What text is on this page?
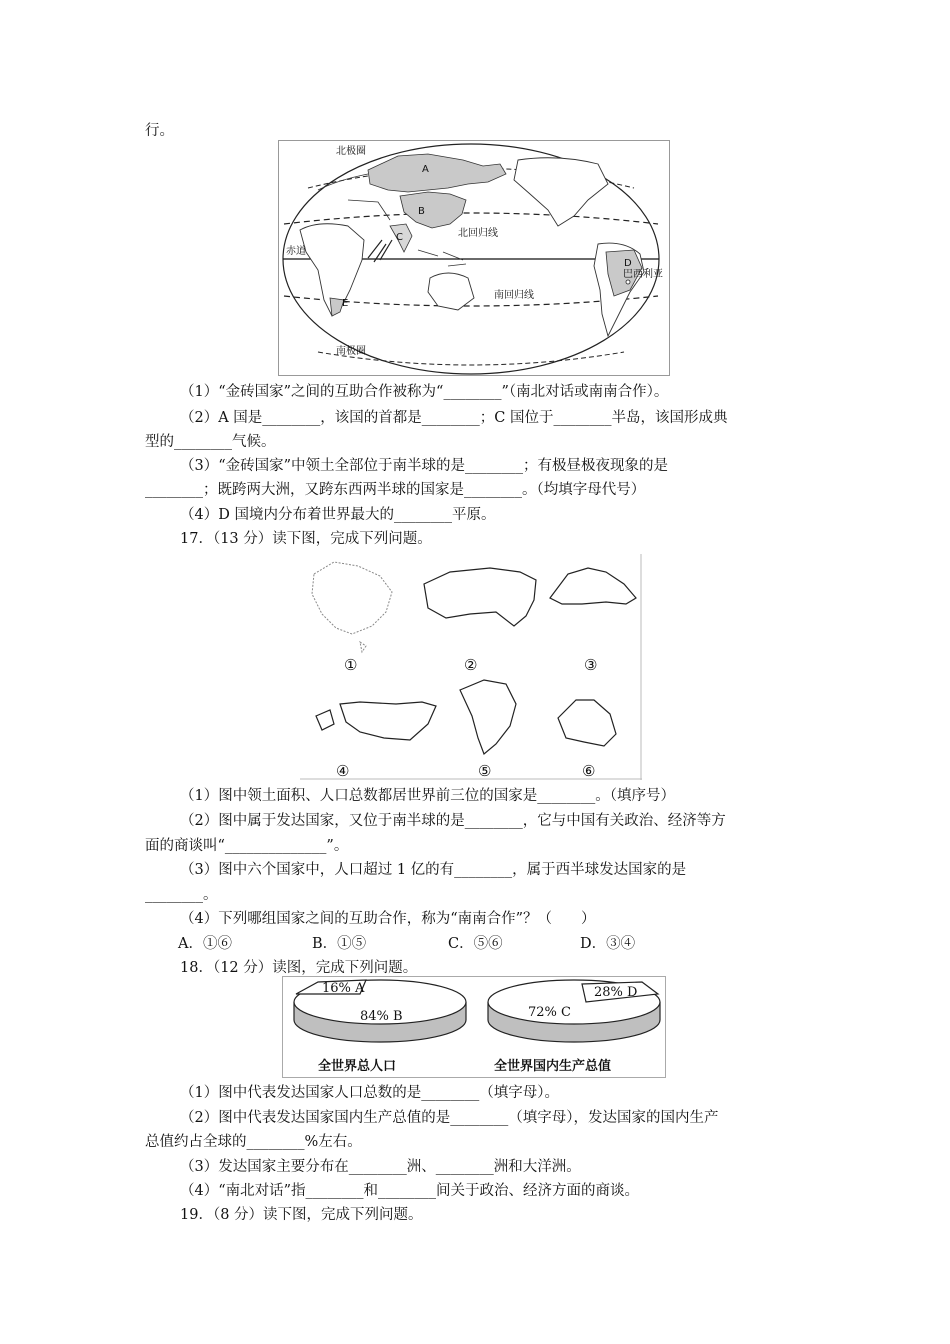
行。
北极圈
北回归线
赤道
南回归线
南极圈
巴西利亚
A
B
C
D
E
（1）“金砖国家”之间的互助合作被称为“________”（南北对话或南南合作）。
（2）A 国是________，该国的首都是________；C 国位于________半岛，该国形成典
型的________气候。
（3）“金砖国家”中领土全部位于南半球的是________；有极昼极夜现象的是
________；既跨两大洲，又跨东西两半球的国家是________。（均填字母代号）
（4）D 国境内分布着世界最大的________平原。
17．（13 分）读下图，完成下列问题。
①	②	③
④	⑤	⑥
（1）图中领土面积、人口总数都居世界前三位的国家是________。（填序号）
（2）图中属于发达国家，又位于南半球的是________，它与中国有关政治、经济等方
面的商谈叫“______________”。
（3）图中六个国家中，人口超过 1 亿的有________，属于西半球发达国家的是
________。
（4）下列哪组国家之间的互助合作，称为“南南合作”？（　　）
A．①⑥	B．①⑤	C．⑤⑥	D．③④
18．（12 分）读图，完成下列问题。
16% A
84% B
全世界总人口
28% D
72% C
全世界国内生产总值
（1）图中代表发达国家人口总数的是________（填字母）。
（2）图中代表发达国家国内生产总值的是________（填字母），发达国家的国内生产
总值约占全球的________%左右。
（3）发达国家主要分布在________洲、________洲和大洋洲。
（4）“南北对话”指________和________间关于政治、经济方面的商谈。
19．（8 分）读下图，完成下列问题。
